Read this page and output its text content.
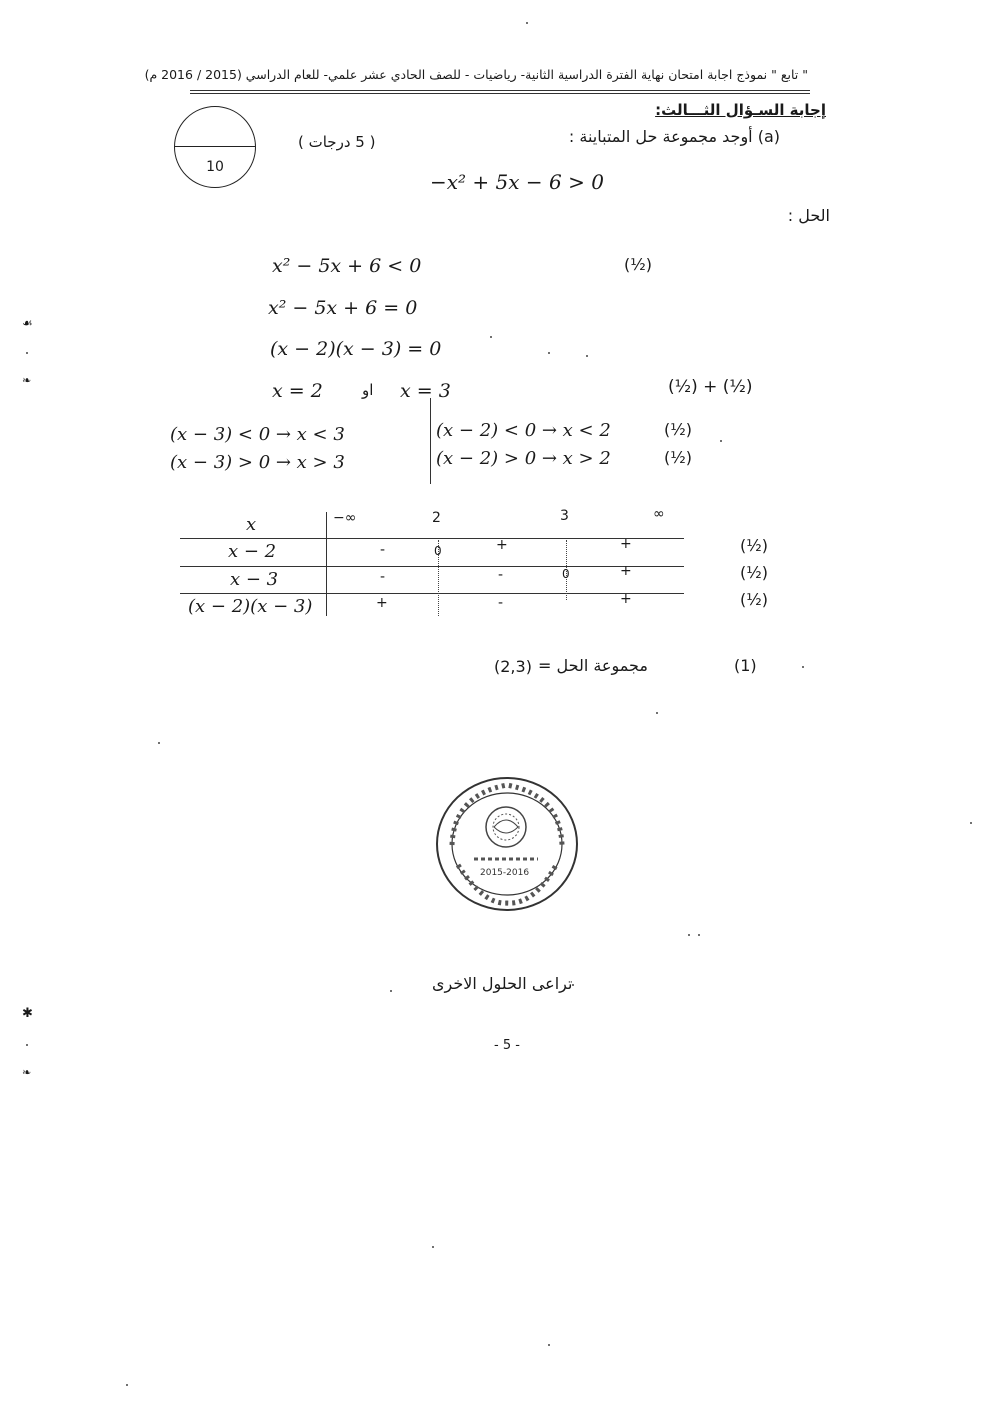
" تابع " نموذج اجابة امتحان نهاية الفترة الدراسية الثانية- رياضيات - للصف الحادي عشر علمي- للعام الدراسي (2015 / 2016 م)
إجابة السـؤال الثـــالث:
(a) أوجد مجموعة حل المتباينة :
( 5 درجات )
10
−x² + 5x − 6 > 0
الحل :
x² − 5x + 6 < 0	(½)
x² − 5x + 6 = 0
(x − 2)(x − 3) = 0
x = 2	او x = 3	(½) + (½)
(x − 3) < 0 → x < 3
(x − 3) > 0 → x > 3
(x − 2) < 0 → x < 2
(x − 2) > 0 → x > 2
(½)
(½)
x	−∞	2	3	∞
x − 2	-	0	+	+	(½)
x − 3	-	-	0	+	(½)
(x − 2)(x − 3)	+	-	+	(½)
مجموعة الحل =
(2,3)	(1)
2015-2016
تراعى الحلول الاخرى
- 5 -
☙
❧
✱
❧
